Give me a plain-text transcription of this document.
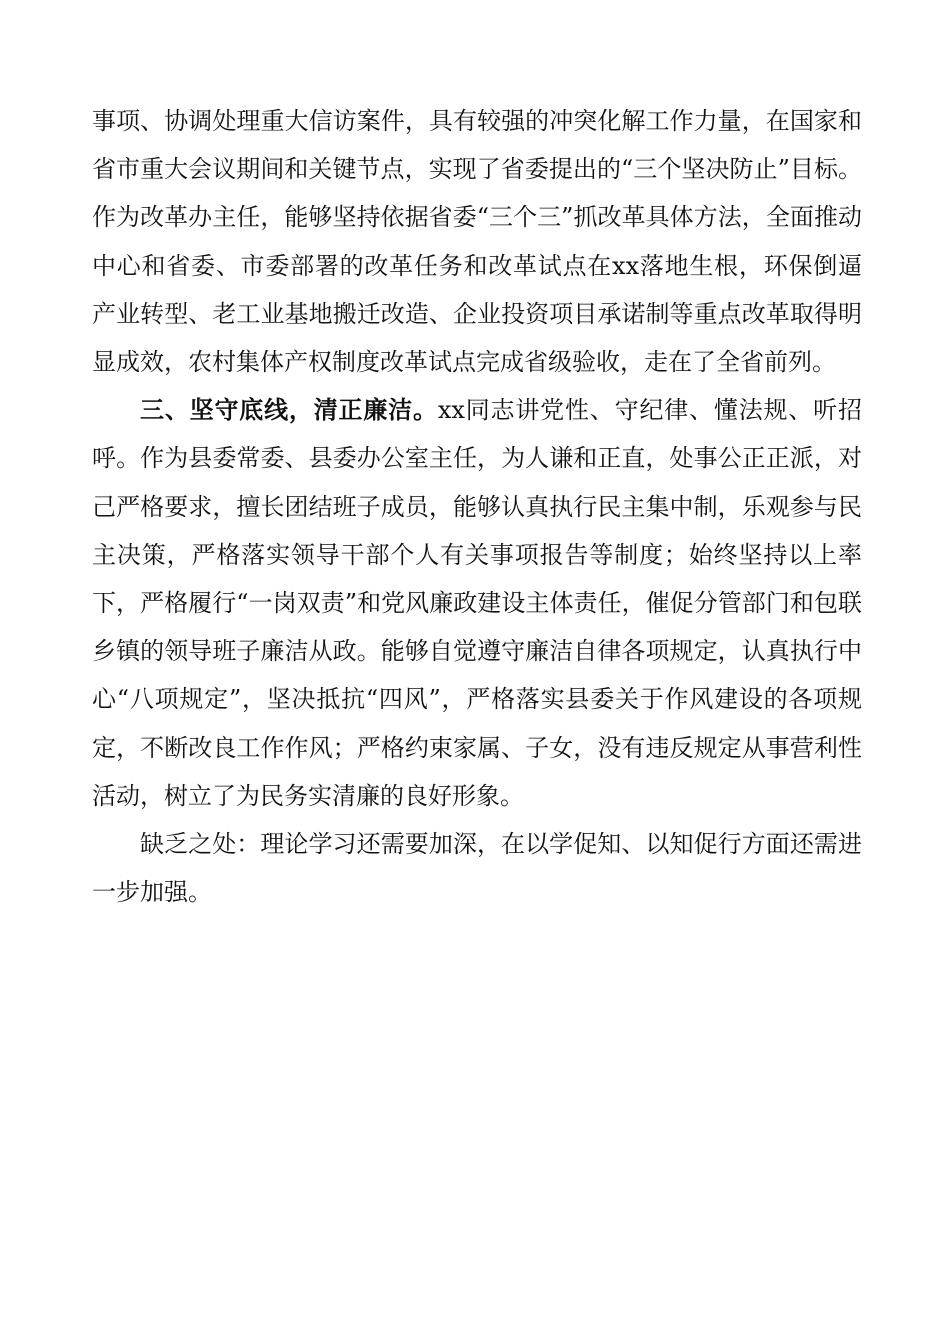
事项、协调处理重大信访案件，具有较强的冲突化解工作力量，在国家和省市重大会议期间和关键节点，实现了省委提出的“三个坚决防止”目标。作为改革办主任，能够坚持依据省委“三个三”抓改革具体方法，全面推动中心和省委、市委部署的改革任务和改革试点在xx落地生根，环保倒逼产业转型、老工业基地搬迁改造、企业投资项目承诺制等重点改革取得明显成效，农村集体产权制度改革试点完成省级验收，走在了全省前列。

三、坚守底线，清正廉洁。xx同志讲党性、守纪律、懂法规、听招呼。作为县委常委、县委办公室主任，为人谦和正直，处事公正正派，对己严格要求，擅长团结班子成员，能够认真执行民主集中制，乐观参与民主决策，严格落实领导干部个人有关事项报告等制度；始终坚持以上率下，严格履行“一岗双责”和党风廉政建设主体责任，催促分管部门和包联乡镇的领导班子廉洁从政。能够自觉遵守廉洁自律各项规定，认真执行中心“八项规定”，坚决抵抗“四风”，严格落实县委关于作风建设的各项规定，不断改良工作作风；严格约束家属、子女，没有违反规定从事营利性活动，树立了为民务实清廉的良好形象。

缺乏之处：理论学习还需要加深，在以学促知、以知促行方面还需进一步加强。
